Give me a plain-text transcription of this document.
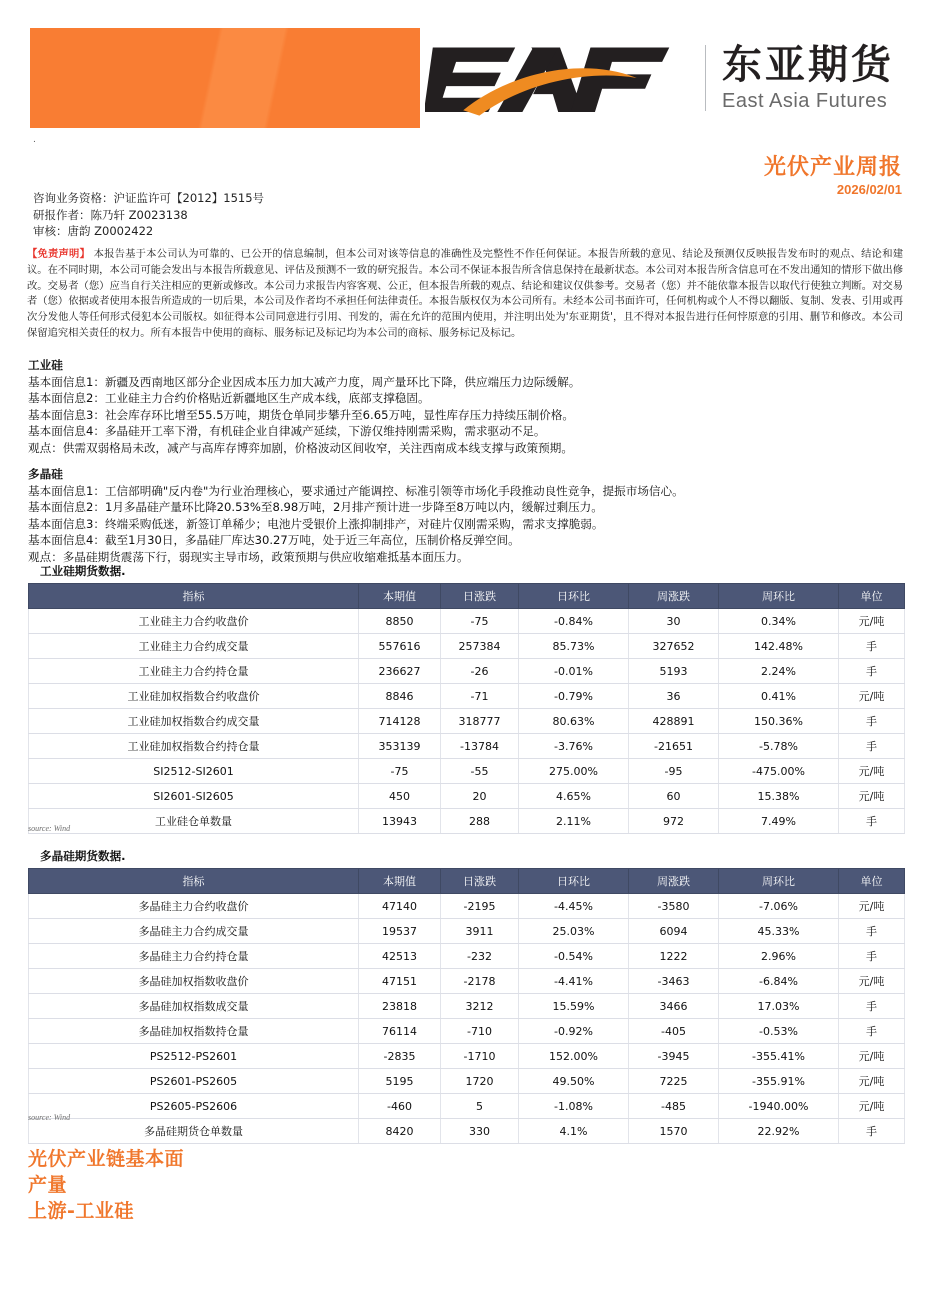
东亚期货
East Asia Futures
.
光伏产业周报
2026/02/01
咨询业务资格：沪证监许可【2012】1515号
研报作者：陈乃轩 Z0023138
审核：唐韵 Z0002422
【免责声明】 本报告基于本公司认为可靠的、已公开的信息编制，但本公司对该等信息的准确性及完整性不作任何保证。本报告所载的意见、结论及预测仅反映报告发布时的观点、结论和建议。在不同时期，本公司可能会发出与本报告所载意见、评估及预测不一致的研究报告。本公司不保证本报告所含信息保持在最新状态。本公司对本报告所含信息可在不发出通知的情形下做出修改。交易者（您）应当自行关注相应的更新或修改。本公司力求报告内容客观、公正，但本报告所载的观点、结论和建议仅供参考。交易者（您）并不能依靠本报告以取代行使独立判断。对交易者（您）依据或者使用本报告所造成的一切后果，本公司及作者均不承担任何法律责任。本报告版权仅为本公司所有。未经本公司书面许可，任何机构或个人不得以翻版、复制、发表、引用或再次分发他人等任何形式侵犯本公司版权。如征得本公司同意进行引用、刊发的，需在允许的范围内使用，并注明出处为'东亚期货'，且不得对本报告进行任何悖原意的引用、删节和修改。本公司保留追究相关责任的权力。所有本报告中使用的商标、服务标记及标记均为本公司的商标、服务标记及标记。
工业硅
基本面信息1：新疆及西南地区部分企业因成本压力加大减产力度，周产量环比下降，供应端压力边际缓解。
基本面信息2：工业硅主力合约价格贴近新疆地区生产成本线，底部支撑稳固。
基本面信息3：社会库存环比增至55.5万吨，期货仓单同步攀升至6.65万吨，显性库存压力持续压制价格。
基本面信息4：多晶硅开工率下滑，有机硅企业自律减产延续，下游仅维持刚需采购，需求驱动不足。
观点：供需双弱格局未改，减产与高库存博弈加剧，价格波动区间收窄，关注西南成本线支撑与政策预期。
多晶硅
基本面信息1：工信部明确"反内卷"为行业治理核心，要求通过产能调控、标准引领等市场化手段推动良性竞争，提振市场信心。
基本面信息2：1月多晶硅产量环比降20.53%至8.98万吨，2月排产预计进一步降至8万吨以内，缓解过剩压力。
基本面信息3：终端采购低迷，新签订单稀少；电池片受银价上涨抑制排产，对硅片仅刚需采购，需求支撑脆弱。
基本面信息4：截至1月30日，多晶硅厂库达30.27万吨，处于近三年高位，压制价格反弹空间。
观点：多晶硅期货震荡下行，弱现实主导市场，政策预期与供应收缩难抵基本面压力。
工业硅期货数据.
指标	本期值	日涨跌	日环比	周涨跌	周环比	单位
工业硅主力合约收盘价	8850	-75	-0.84%	30	0.34%	元/吨
工业硅主力合约成交量	557616	257384	85.73%	327652	142.48%	手
工业硅主力合约持仓量	236627	-26	-0.01%	5193	2.24%	手
工业硅加权指数合约收盘价	8846	-71	-0.79%	36	0.41%	元/吨
工业硅加权指数合约成交量	714128	318777	80.63%	428891	150.36%	手
工业硅加权指数合约持仓量	353139	-13784	-3.76%	-21651	-5.78%	手
SI2512-SI2601	-75	-55	275.00%	-95	-475.00%	元/吨
SI2601-SI2605	450	20	4.65%	60	15.38%	元/吨
工业硅仓单数量	13943	288	2.11%	972	7.49%	手
source: Wind
多晶硅期货数据.
指标	本期值	日涨跌	日环比	周涨跌	周环比	单位
多晶硅主力合约收盘价	47140	-2195	-4.45%	-3580	-7.06%	元/吨
多晶硅主力合约成交量	19537	3911	25.03%	6094	45.33%	手
多晶硅主力合约持仓量	42513	-232	-0.54%	1222	2.96%	手
多晶硅加权指数收盘价	47151	-2178	-4.41%	-3463	-6.84%	元/吨
多晶硅加权指数成交量	23818	3212	15.59%	3466	17.03%	手
多晶硅加权指数持仓量	76114	-710	-0.92%	-405	-0.53%	手
PS2512-PS2601	-2835	-1710	152.00%	-3945	-355.41%	元/吨
PS2601-PS2605	5195	1720	49.50%	7225	-355.91%	元/吨
PS2605-PS2606	-460	5	-1.08%	-485	-1940.00%	元/吨
多晶硅期货仓单数量	8420	330	4.1%	1570	22.92%	手
source: Wind
光伏产业链基本面
产量
上游-工业硅
